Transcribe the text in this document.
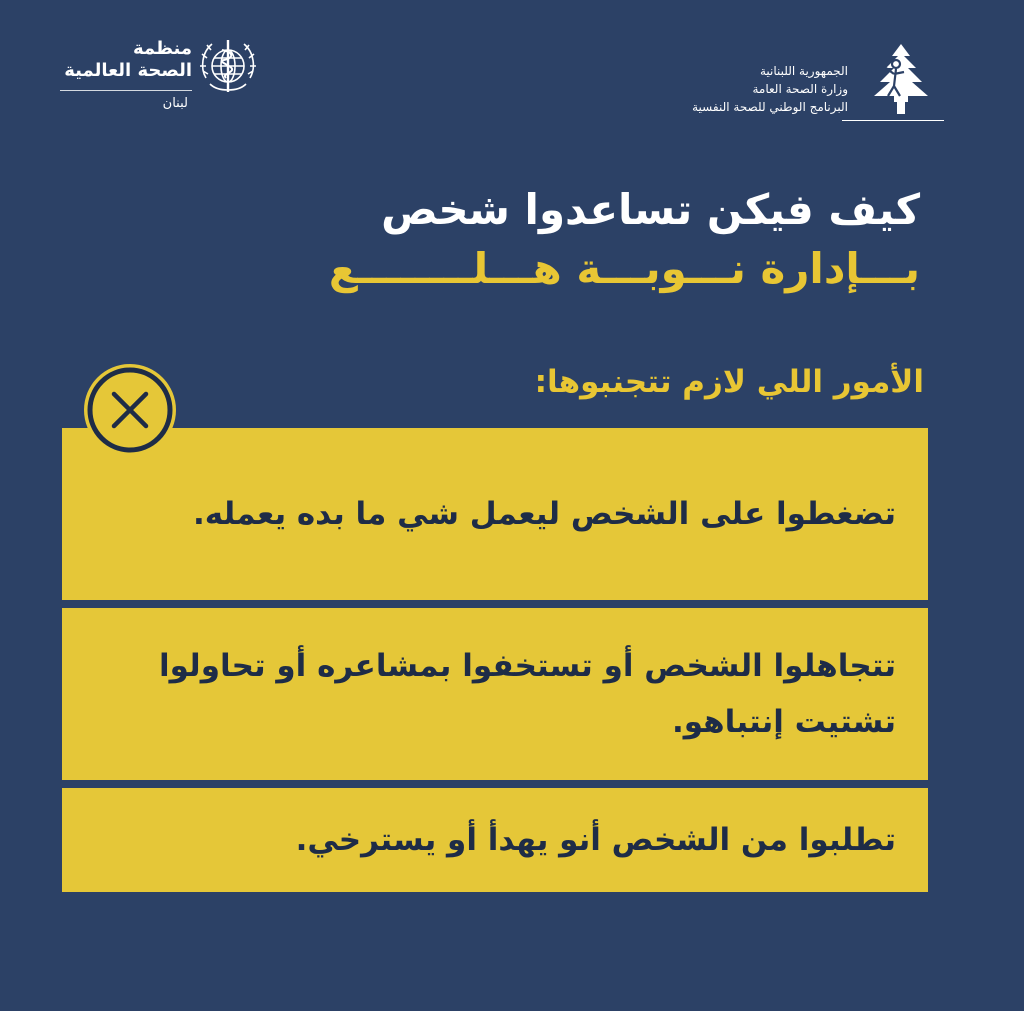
منظمة
الصحة العالمية
لبنان
الجمهورية اللبنانية
وزارة الصحة العامة
البرنامج الوطني للصحة النفسية
كيف فيكن تساعدوا شخص
بـــإدارة نـــوبـــة هـــلــــــــع
الأمور اللي لازم تتجنبوها:
تضغطوا على الشخص ليعمل شي ما بده يعمله.
تتجاهلوا الشخص أو تستخفوا بمشاعره أو تحاولوا تشتيت إنتباهو.
تطلبوا من الشخص أنو يهدأ أو يسترخي.
